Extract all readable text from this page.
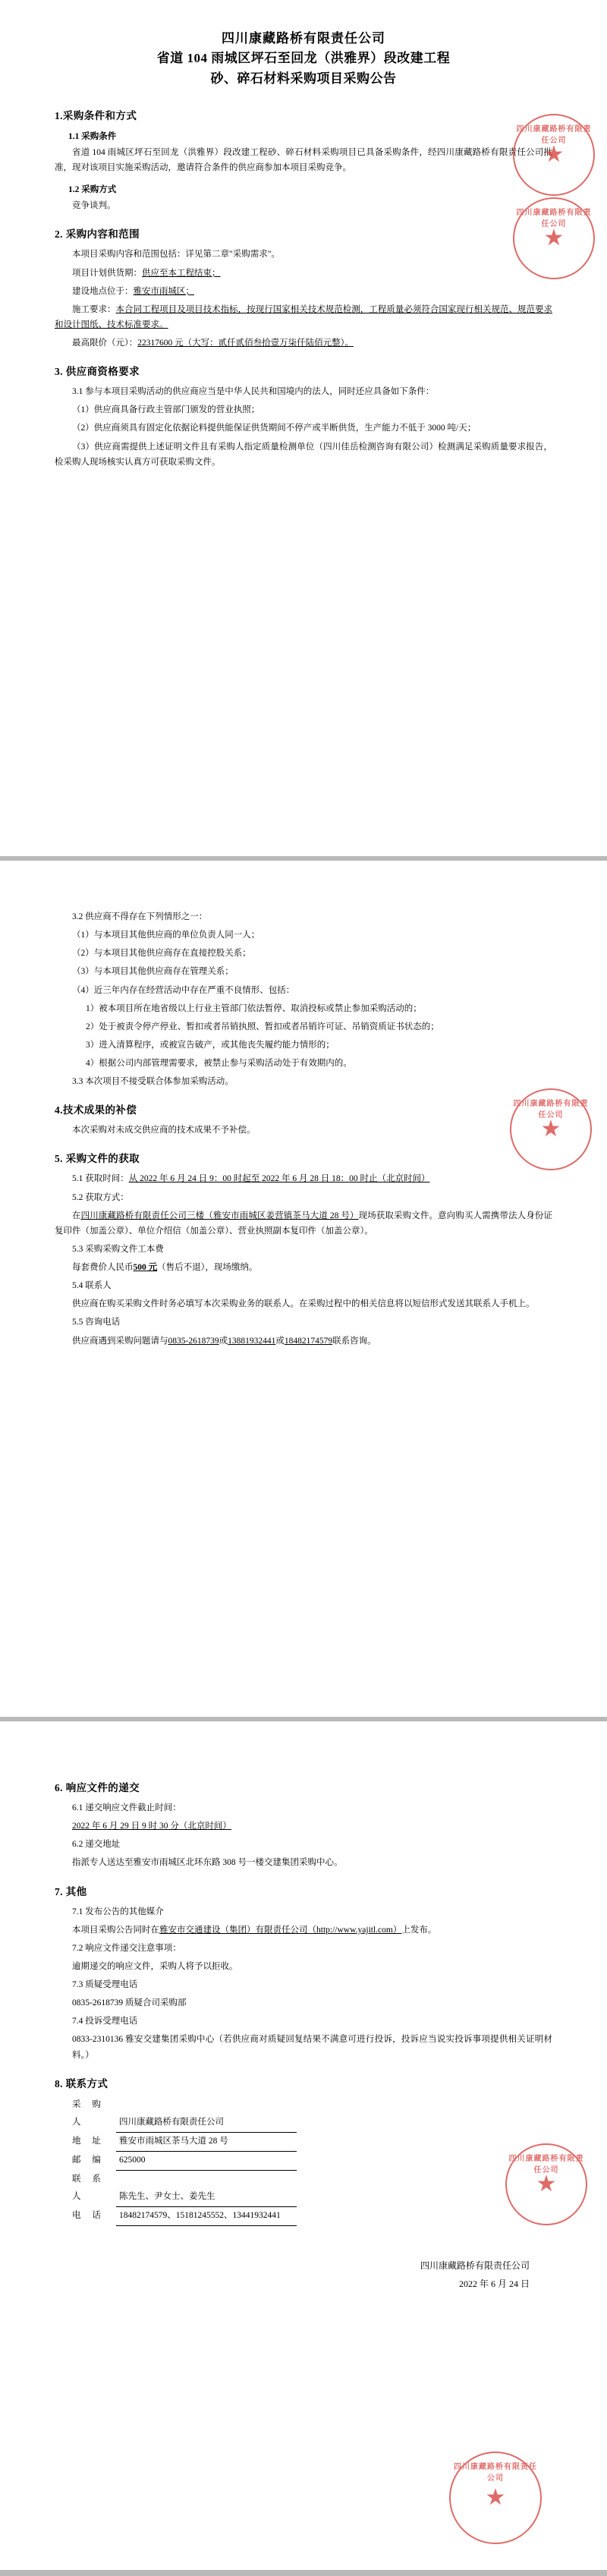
四川康藏路桥有限责任公司
省道 104 雨城区坪石至回龙（洪雅界）段改建工程
砂、碎石材料采购项目采购公告
1.采购条件和方式
1.1 采购条件

省道 104 雨城区坪石至回龙（洪雅界）段改建工程砂、碎石材料采购项目已具备采购条件，经四川康藏路桥有限责任公司批准，现对该项目实施采购活动，邀请符合条件的供应商参加本项目采购竞争。

1.2 采购方式

竞争谈判。

2. 采购内容和范围

本项目采购内容和范围包括：详见第二章"采购需求"。

项目计划供货期：供应至本工程结束；

建设地点位于：雅安市雨城区；

施工要求：本合同工程项目及项目技术指标，按现行国家相关技术规范检测，工程质量必须符合国家现行相关规范、规范要求和设计图纸、技术标准要求。

最高限价（元）：22317600 元（大写：贰仟贰佰叁拾壹万柒仟陆佰元整）。

3. 供应商资格要求

3.1 参与本项目采购活动的供应商应当是中华人民共和国境内的法人，同时还应具备如下条件：

（1）供应商具备行政主管部门颁发的营业执照；

（2）供应商须具有固定化依据论料提供能保证供货期间不停产或半断供货，生产能力不低于 3000 吨/天；

（3）供应商需提供上述证明文件且有采购人指定质量检测单位（四川佳岳检测咨询有限公司）检测满足采购质量要求报告，检采购人现场核实认真方可获取采购文件。

四川康藏路桥有限责任公司
★
四川康藏路桥有限责任公司
★

3.2 供应商不得存在下列情形之一：

（1）与本项目其他供应商的单位负责人同一人；

（2）与本项目其他供应商存在直接控股关系；

（3）与本项目其他供应商存在管理关系；

（4）近三年内存在经营活动中存在严重不良情形、包括：

1）被本项目所在地省级以上行业主管部门依法暂停、取消投标或禁止参加采购活动的；

2）处于被责令停产停业、暂扣或者吊销执照、暂扣或者吊销许可证、吊销资质证书状态的；

3）进入清算程序，或被宣告破产，或其他丧失履约能力情形的；

4）根据公司内部管理需要求，被禁止参与采购活动处于有效期内的。

3.3 本次项目不接受联合体参加采购活动。

4.技术成果的补偿

本次采购对未成交供应商的技术成果不予补偿。

5. 采购文件的获取

5.1 获取时间：从 2022 年 6 月 24 日 9：00 时起至 2022 年 6 月 28 日 18：00 时止（北京时间）

5.2 获取方式：

在四川康藏路桥有限责任公司三楼（雅安市雨城区姜营镇茶马大道 28 号）现场获取采购文件。意向购买人需携带法人身份证复印件（加盖公章）、单位介绍信（加盖公章）、营业执照副本复印件（加盖公章）。

5.3 采购采购文件工本费

每套费价人民币500 元（售后不退），现场缴纳。

5.4 联系人

供应商在购买采购文件时务必填写本次采购业务的联系人。在采购过程中的相关信息将以短信形式发送其联系人手机上。

5.5 咨询电话

供应商遇到采购问题请与0835-2618739或13881932441或18482174579联系咨询。

四川康藏路桥有限责任公司
★
6. 响应文件的递交

6.1 递交响应文件截止时间：

2022 年 6 月 29 日 9 时 30 分（北京时间）

6.2 递交地址

指派专人送达至雅安市雨城区北环东路 308 号一楼交建集团采购中心。

7. 其他

7.1 发布公告的其他媒介

本项目采购公告同时在雅安市交通建设（集团）有限责任公司（http://www.yajitl.com）上发布。

7.2 响应文件递交注意事项：

逾期递交的响应文件，采购人将予以拒收。

7.3 质疑受理电话

0835-2618739 质疑合司采购部

7.4 投诉受理电话

0833-2310136 雅安交建集团采购中心（若供应商对质疑回复结果不满意可进行投诉，投诉应当说实投诉事项提供相关证明材料。）

8. 联系方式
采 购 人	四川康藏路桥有限责任公司
地 址 雅安市雨城区茶马大道 28 号
邮 编 625000
联 系 人	陈先生、尹女士、姜先生
电 话 18482174579、15181245552、13441932441
四川康藏路桥有限责任公司
2022 年 6 月 24 日
四川康藏路桥有限责任公司
★
四川康藏路桥有限责任公司
★
